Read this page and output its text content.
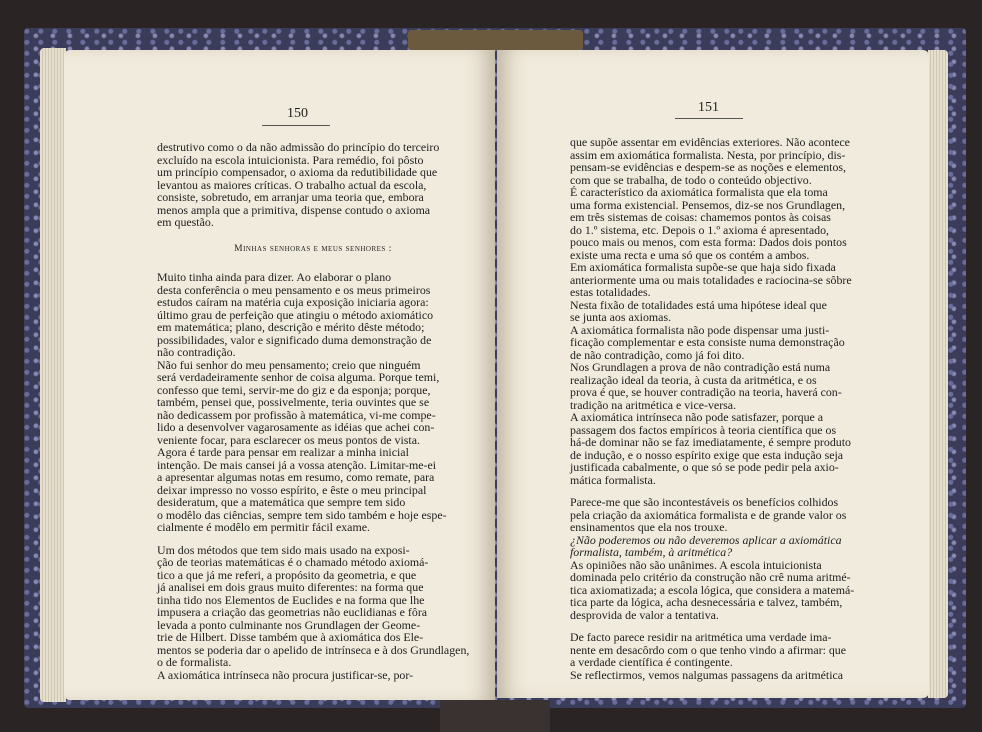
150

destrutivo como o da não admissão do princípio do terceiro
excluído na escola intuicionista. Para remédio, foi pôsto
um princípio compensador, o axioma da redutibilidade que
levantou as maiores críticas. O trabalho actual da escola,
consiste, sobretudo, em arranjar uma teoria que, embora
menos ampla que a primitiva, dispense contudo o axioma
em questão.

Minhas senhoras e meus senhores :

Muito tinha ainda para dizer. Ao elaborar o plano
desta conferência o meu pensamento e os meus primeiros
estudos caíram na matéria cuja exposição iniciaria agora:
último grau de perfeição que atingiu o método axiomático
em matemática; plano, descrição e mérito dêste método;
possibilidades, valor e significado duma demonstração de
não contradição.

Não fui senhor do meu pensamento; creio que ninguém
será verdadeiramente senhor de coisa alguma. Porque temi,
confesso que temi, servir-me do giz e da esponja; porque,
também, pensei que, possivelmente, teria ouvintes que se
não dedicassem por profissão à matemática, vi-me compe-
lido a desenvolver vagarosamente as idéias que achei con-
veniente focar, para esclarecer os meus pontos de vista.
Agora é tarde para pensar em realizar a minha inicial
intenção. De mais cansei já a vossa atenção. Limitar-me-ei
a apresentar algumas notas em resumo, como remate, para
deixar impresso no vosso espírito, e êste o meu principal
desideratum, que a matemática que sempre tem sido
o modêlo das ciências, sempre tem sido também e hoje espe-
cialmente é modêlo em permitir fácil exame.

Um dos métodos que tem sido mais usado na exposi-
ção de teorias matemáticas é o chamado método axiomá-
tico a que já me referi, a propósito da geometria, e que
já analisei em dois graus muito diferentes: na forma que
tinha tido nos Elementos de Euclides e na forma que lhe
impusera a criação das geometrias não euclidianas e fôra
levada a ponto culminante nos Grundlagen der Geome-
trie de Hilbert. Disse também que à axiomática dos Ele-
mentos se poderia dar o apelido de intrínseca e à dos Grundlagen,
o de formalista.

A axiomática intrínseca não procura justificar-se, por-

151

que supõe assentar em evidências exteriores. Não acontece
assim em axiomática formalista. Nesta, por princípio, dis-
pensam-se evidências e despem-se as noções e elementos,
com que se trabalha, de todo o conteúdo objectivo.

É característico da axiomática formalista que ela toma
uma forma existencial. Pensemos, diz-se nos Grundlagen,
em três sistemas de coisas: chamemos pontos às coisas
do 1.º sistema, etc. Depois o 1.º axioma é apresentado,
pouco mais ou menos, com esta forma: Dados dois pontos
existe uma recta e uma só que os contém a ambos.

Em axiomática formalista supõe-se que haja sido fixada
anteriormente uma ou mais totalidades e raciocina-se sôbre
estas totalidades.

Nesta fixão de totalidades está uma hipótese ideal que
se junta aos axiomas.

A axiomática formalista não pode dispensar uma justi-
ficação complementar e esta consiste numa demonstração
de não contradição, como já foi dito.

Nos Grundlagen a prova de não contradição está numa
realização ideal da teoria, à custa da aritmética, e os
prova é que, se houver contradição na teoria, haverá con-
tradição na aritmética e vice-versa.

A axiomática intrínseca não pode satisfazer, porque a
passagem dos factos empíricos à teoria científica que os
há-de dominar não se faz imediatamente, é sempre produto
de indução, e o nosso espírito exige que esta indução seja
justificada cabalmente, o que só se pode pedir pela axio-
mática formalista.

Parece-me que são incontestáveis os benefícios colhidos
pela criação da axiomática formalista e de grande valor os
ensinamentos que ela nos trouxe.

¿Não poderemos ou não deveremos aplicar a axiomática
formalista, também, à aritmética?

As opiniões não são unânimes. A escola intuicionista
dominada pelo critério da construção não crê numa aritmé-
tica axiomatizada; a escola lógica, que considera a matemá-
tica parte da lógica, acha desnecessária e talvez, também,
desprovida de valor a tentativa.

De facto parece residir na aritmética uma verdade ima-
nente em desacôrdo com o que tenho vindo a afirmar: que
a verdade científica é contingente.

Se reflectirmos, vemos nalgumas passagens da aritmética
